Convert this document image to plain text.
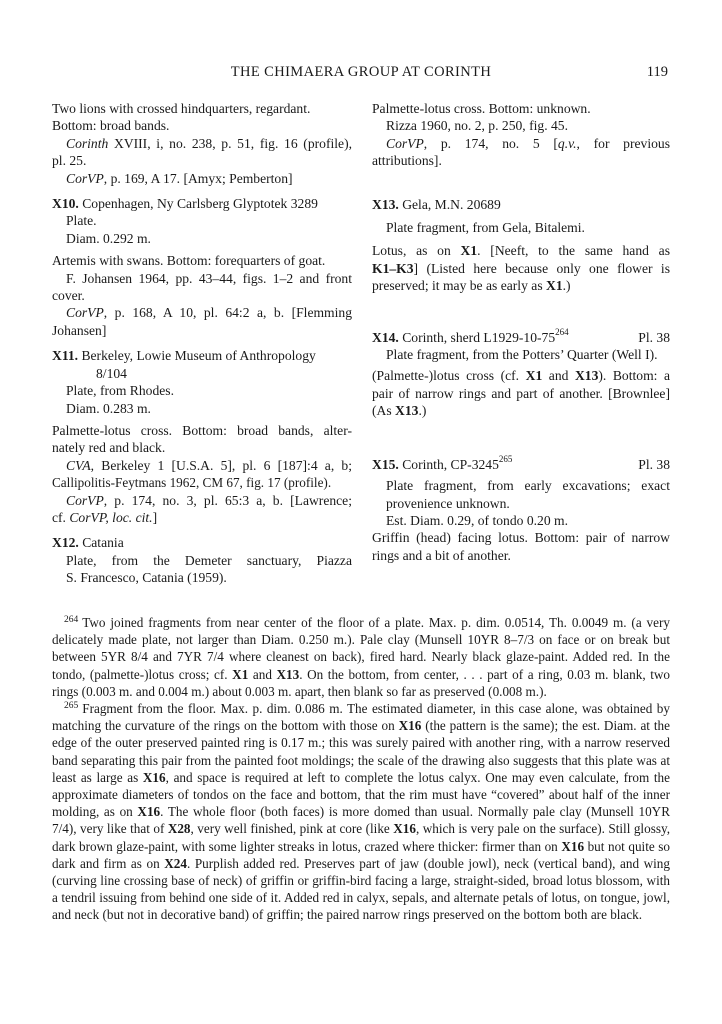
THE CHIMAERA GROUP AT CORINTH	119

Two lions with crossed hindquarters, regardant.

Bottom: broad bands.

Corinth XVIII, i, no. 238, p. 51, fig. 16 (profile),

pl. 25.

CorVP, p. 169, A 17. [Amyx; Pemberton]

X10. Copenhagen, Ny Carlsberg Glyptotek 3289

Plate.

Diam. 0.292 m.

Artemis with swans. Bottom: forequarters of goat.

F. Johansen 1964, pp. 43–44, figs. 1–2 and front

cover.

CorVP, p. 168, A 10, pl. 64:2 a, b. [Flemming

Johansen]

X11. Berkeley, Lowie Museum of Anthropology

8/104

Plate, from Rhodes.

Diam. 0.283 m.

Palmette-lotus cross. Bottom: broad bands, alter-

nately red and black.

CVA, Berkeley 1 [U.S.A. 5], pl. 6 [187]:4 a, b;

Callipolitis-Feytmans 1962, CM 67, fig. 17 (profile).

CorVP, p. 174, no. 3, pl. 65:3 a, b. [Lawrence;

cf. CorVP, loc. cit.]

X12. Catania

Plate, from the Demeter sanctuary, Piazza

S. Francesco, Catania (1959).

Palmette-lotus cross. Bottom: unknown.

Rizza 1960, no. 2, p. 250, fig. 45.

CorVP, p. 174, no. 5 [q.v., for previous

attributions].

X13. Gela, M.N. 20689

Plate fragment, from Gela, Bitalemi.

Lotus, as on X1. [Neeft, to the same hand as

K1–K3] (Listed here because only one flower is

preserved; it may be as early as X1.)

X14. Corinth, sherd $L1929-10-75^{264}$	Pl. 38

Plate fragment, from the Potters’ Quarter (Well I).

(Palmette-)lotus cross (cf. X1 and X13). Bottom: a

pair of narrow rings and part of another. [Brownlee]

(As X13.)

X15. Corinth, CP-3245$^{265}$	Pl. 38

Plate fragment, from early excavations; exact

provenience unknown.

Est. Diam. 0.29, of tondo 0.20 m.

Griffin (head) facing lotus. Bottom: pair of narrow

rings and a bit of another.

$^{264}$ Two joined fragments from near center of the floor of a plate. Max. p. dim. 0.0514, Th. 0.0049 m. (a very delicately made plate, not larger than Diam. 0.250 m.). Pale clay (Munsell 10YR 8–7/3 on face or on break but between 5YR 8/4 and 7YR 7/4 where cleanest on back), fired hard. Nearly black glaze-paint. Added red. In the tondo, (palmette-)lotus cross; cf. X1 and X13. On the bottom, from center, . . . part of a ring, 0.03 m. blank, two rings (0.003 m. and 0.004 m.) about 0.003 m. apart, then blank so far as preserved (0.008 m.).

$^{265}$ Fragment from the floor. Max. p. dim. 0.086 m. The estimated diameter, in this case alone, was obtained by matching the curvature of the rings on the bottom with those on X16 (the pattern is the same); the est. Diam. at the edge of the outer preserved painted ring is 0.17 m.; this was surely paired with another ring, with a narrow reserved band separating this pair from the painted foot moldings; the scale of the drawing also suggests that this plate was at least as large as X16, and space is required at left to complete the lotus calyx. One may even calculate, from the approximate diameters of tondos on the face and bottom, that the rim must have “covered” about half of the inner molding, as on X16. The whole floor (both faces) is more domed than usual. Normally pale clay (Munsell 10YR 7/4), very like that of X28, very well finished, pink at core (like X16, which is very pale on the surface). Still glossy, dark brown glaze-paint, with some lighter streaks in lotus, crazed where thicker: firmer than on X16 but not quite so dark and firm as on X24. Purplish added red. Preserves part of jaw (double jowl), neck (vertical band), and wing (curving line crossing base of neck) of griffin or griffin-bird facing a large, straight-sided, broad lotus blossom, with a tendril issuing from behind one side of it. Added red in calyx, sepals, and alternate petals of lotus, on tongue, jowl, and neck (but not in decorative band) of griffin; the paired narrow rings preserved on the bottom both are black.
